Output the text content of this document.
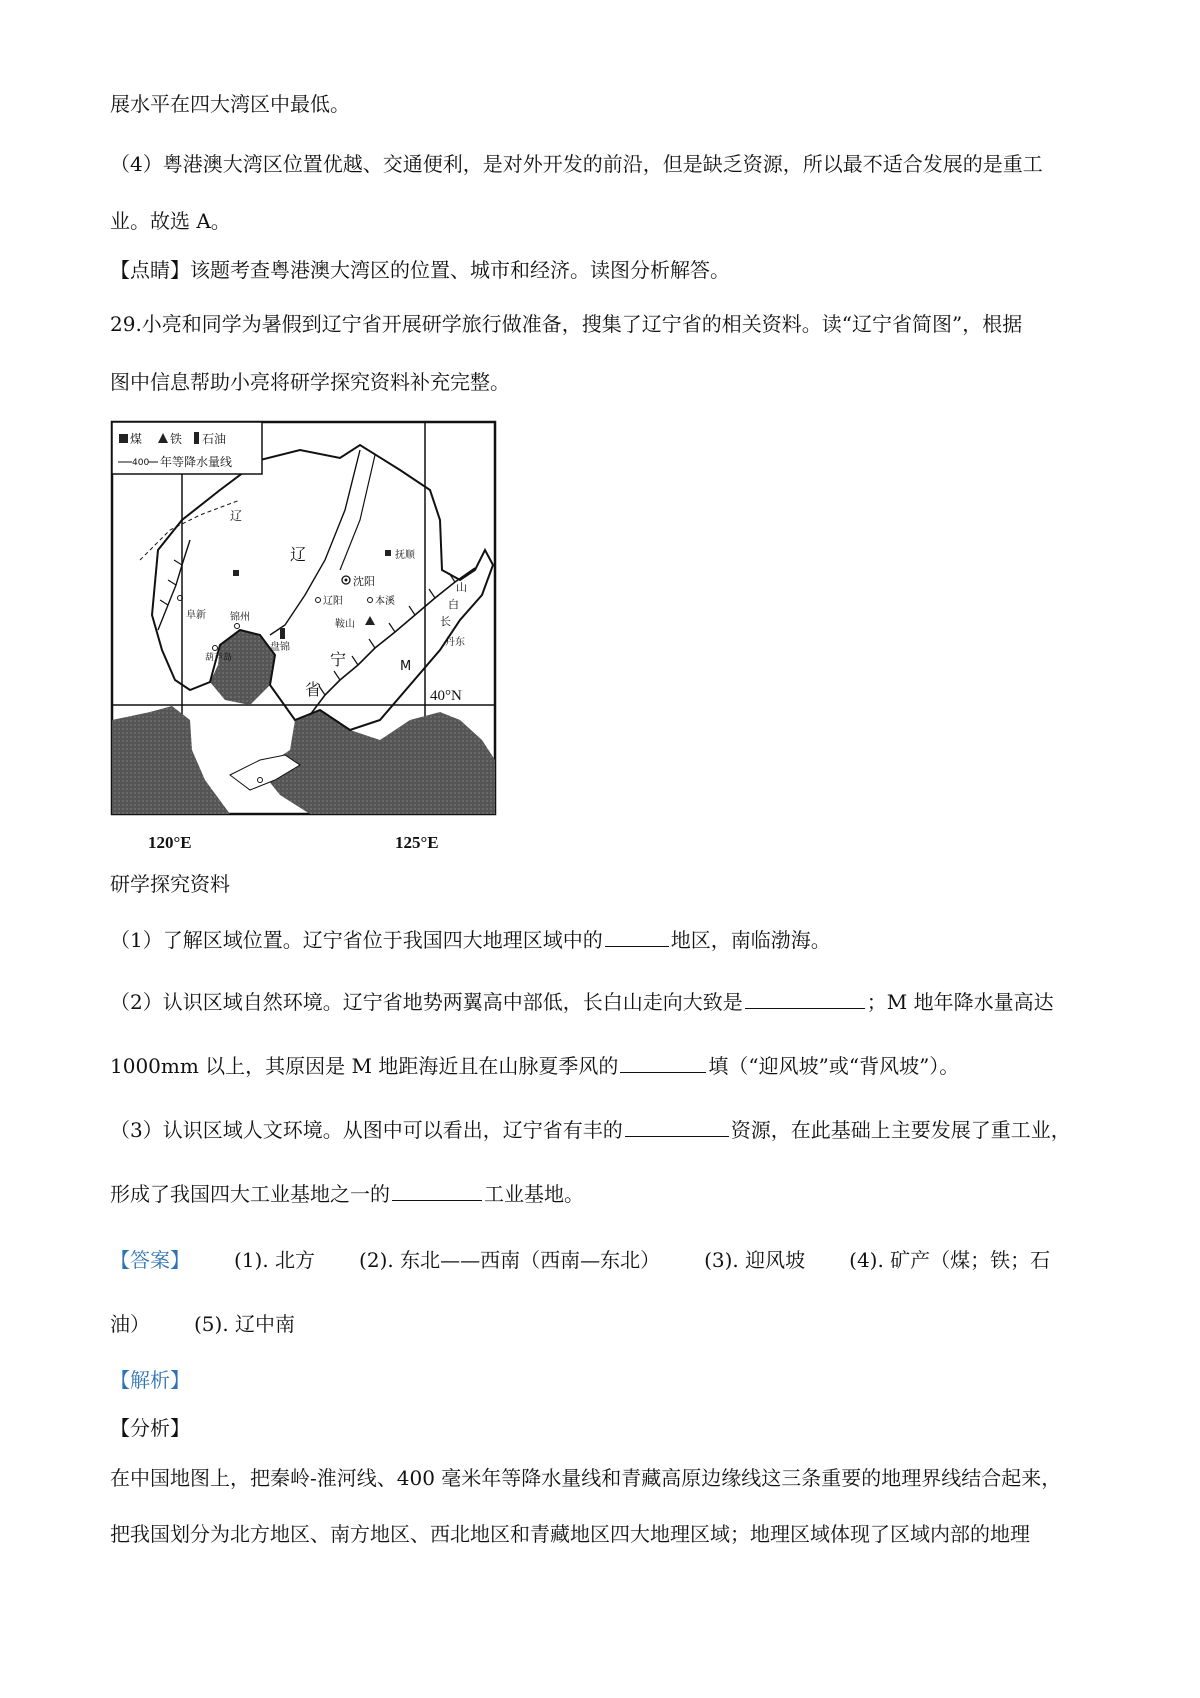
展水平在四大湾区中最低。
（4）粤港澳大湾区位置优越、交通便利，是对外开发的前沿，但是缺乏资源，所以最不适合发展的是重工
业。故选 A。
【点睛】该题考查粤港澳大湾区的位置、城市和经济。读图分析解答。
29.小亮和同学为暑假到辽宁省开展研学旅行做准备，搜集了辽宁省的相关资料。读“辽宁省简图”，根据
图中信息帮助小亮将研学探究资料补充完整。
煤 铁 石油
400 年等降水量线
辽
宁
省
辽
长
白
山
沈阳
抚顺
本溪
鞍山
辽阳
锦州
阜新
葫芦岛
盘锦	丹东
M
120°E	125°E
40°N
研学探究资料
（1）了解区域位置。辽宁省位于我国四大地理区域中的	地区，南临渤海。
（2）认识区域自然环境。辽宁省地势两翼高中部低，长白山走向大致是	；M 地年降水量高达
1000mm 以上，其原因是 M 地距海近且在山脉夏季风的	填（“迎风坡”或“背风坡”）。
（3）认识区域人文环境。从图中可以看出，辽宁省有丰的	资源，在此基础上主要发展了重工业，
形成了我国四大工业基地之一的	工业基地。
【答案】 (1). 北方 (2). 东北——西南（西南—东北） (3). 迎风坡 (4). 矿产（煤；铁；石
油） (5). 辽中南
【解析】
【分析】
在中国地图上，把秦岭-淮河线、400 毫米年等降水量线和青藏高原边缘线这三条重要的地理界线结合起来，
把我国划分为北方地区、南方地区、西北地区和青藏地区四大地理区域；地理区域体现了区域内部的地理
